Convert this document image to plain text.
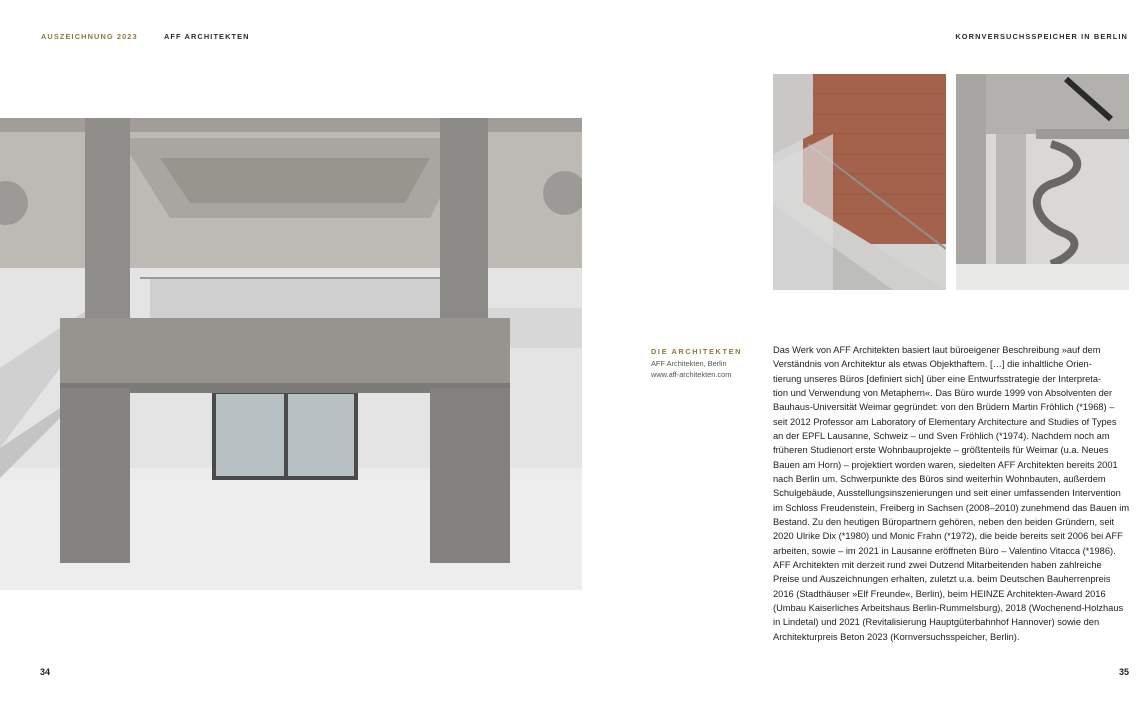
AUSZEICHNUNG 2023	AFF ARCHITEKTEN	KORNVERSUCHSSPEICHER IN BERLIN
DIE ARCHITEKTEN
AFF Architekten, Berlin
www.aff-architekten.com
Das Werk von AFF Architekten basiert laut büroeigener Beschreibung »auf dem
Verständnis von Architektur als etwas Objekthaftem. […] die inhaltliche Orien-
tierung unseres Büros [definiert sich] über eine Entwurfsstrategie der Interpreta-
tion und Verwendung von Metaphern«. Das Büro wurde 1999 von Absolventen der
Bauhaus-Universität Weimar gegründet: von den Brüdern Martin Fröhlich (*1968) –
seit 2012 Professor am Laboratory of Elementary Architecture and Studies of Types
an der EPFL Lausanne, Schweiz – und Sven Fröhlich (*1974). Nachdem noch am
früheren Studienort erste Wohnbauprojekte – größtenteils für Weimar (u.a. Neues
Bauen am Horn) – projektiert worden waren, siedelten AFF Architekten bereits 2001
nach Berlin um. Schwerpunkte des Büros sind weiterhin Wohnbauten, außerdem
Schulgebäude, Ausstellungsinszenierungen und seit einer umfassenden Intervention
im Schloss Freudenstein, Freiberg in Sachsen (2008–2010) zunehmend das Bauen im
Bestand. Zu den heutigen Büropartnern gehören, neben den beiden Gründern, seit
2020 Ulrike Dix (*1980) und Monic Frahn (*1972), die beide bereits seit 2006 bei AFF
arbeiten, sowie – im 2021 in Lausanne eröffneten Büro – Valentino Vitacca (*1986).
AFF Architekten mit derzeit rund zwei Dutzend Mitarbeitenden haben zahlreiche
Preise und Auszeichnungen erhalten, zuletzt u.a. beim Deutschen Bauherrenpreis
2016 (Stadthäuser »Elf Freunde«, Berlin), beim HEINZE Architekten-Award 2016
(Umbau Kaiserliches Arbeitshaus Berlin-Rummelsburg), 2018 (Wochenend-Holzhaus
in Lindetal) und 2021 (Revitalisierung Hauptgüterbahnhof Hannover) sowie den
Architekturpreis Beton 2023 (Kornversuchsspeicher, Berlin).
34	35
